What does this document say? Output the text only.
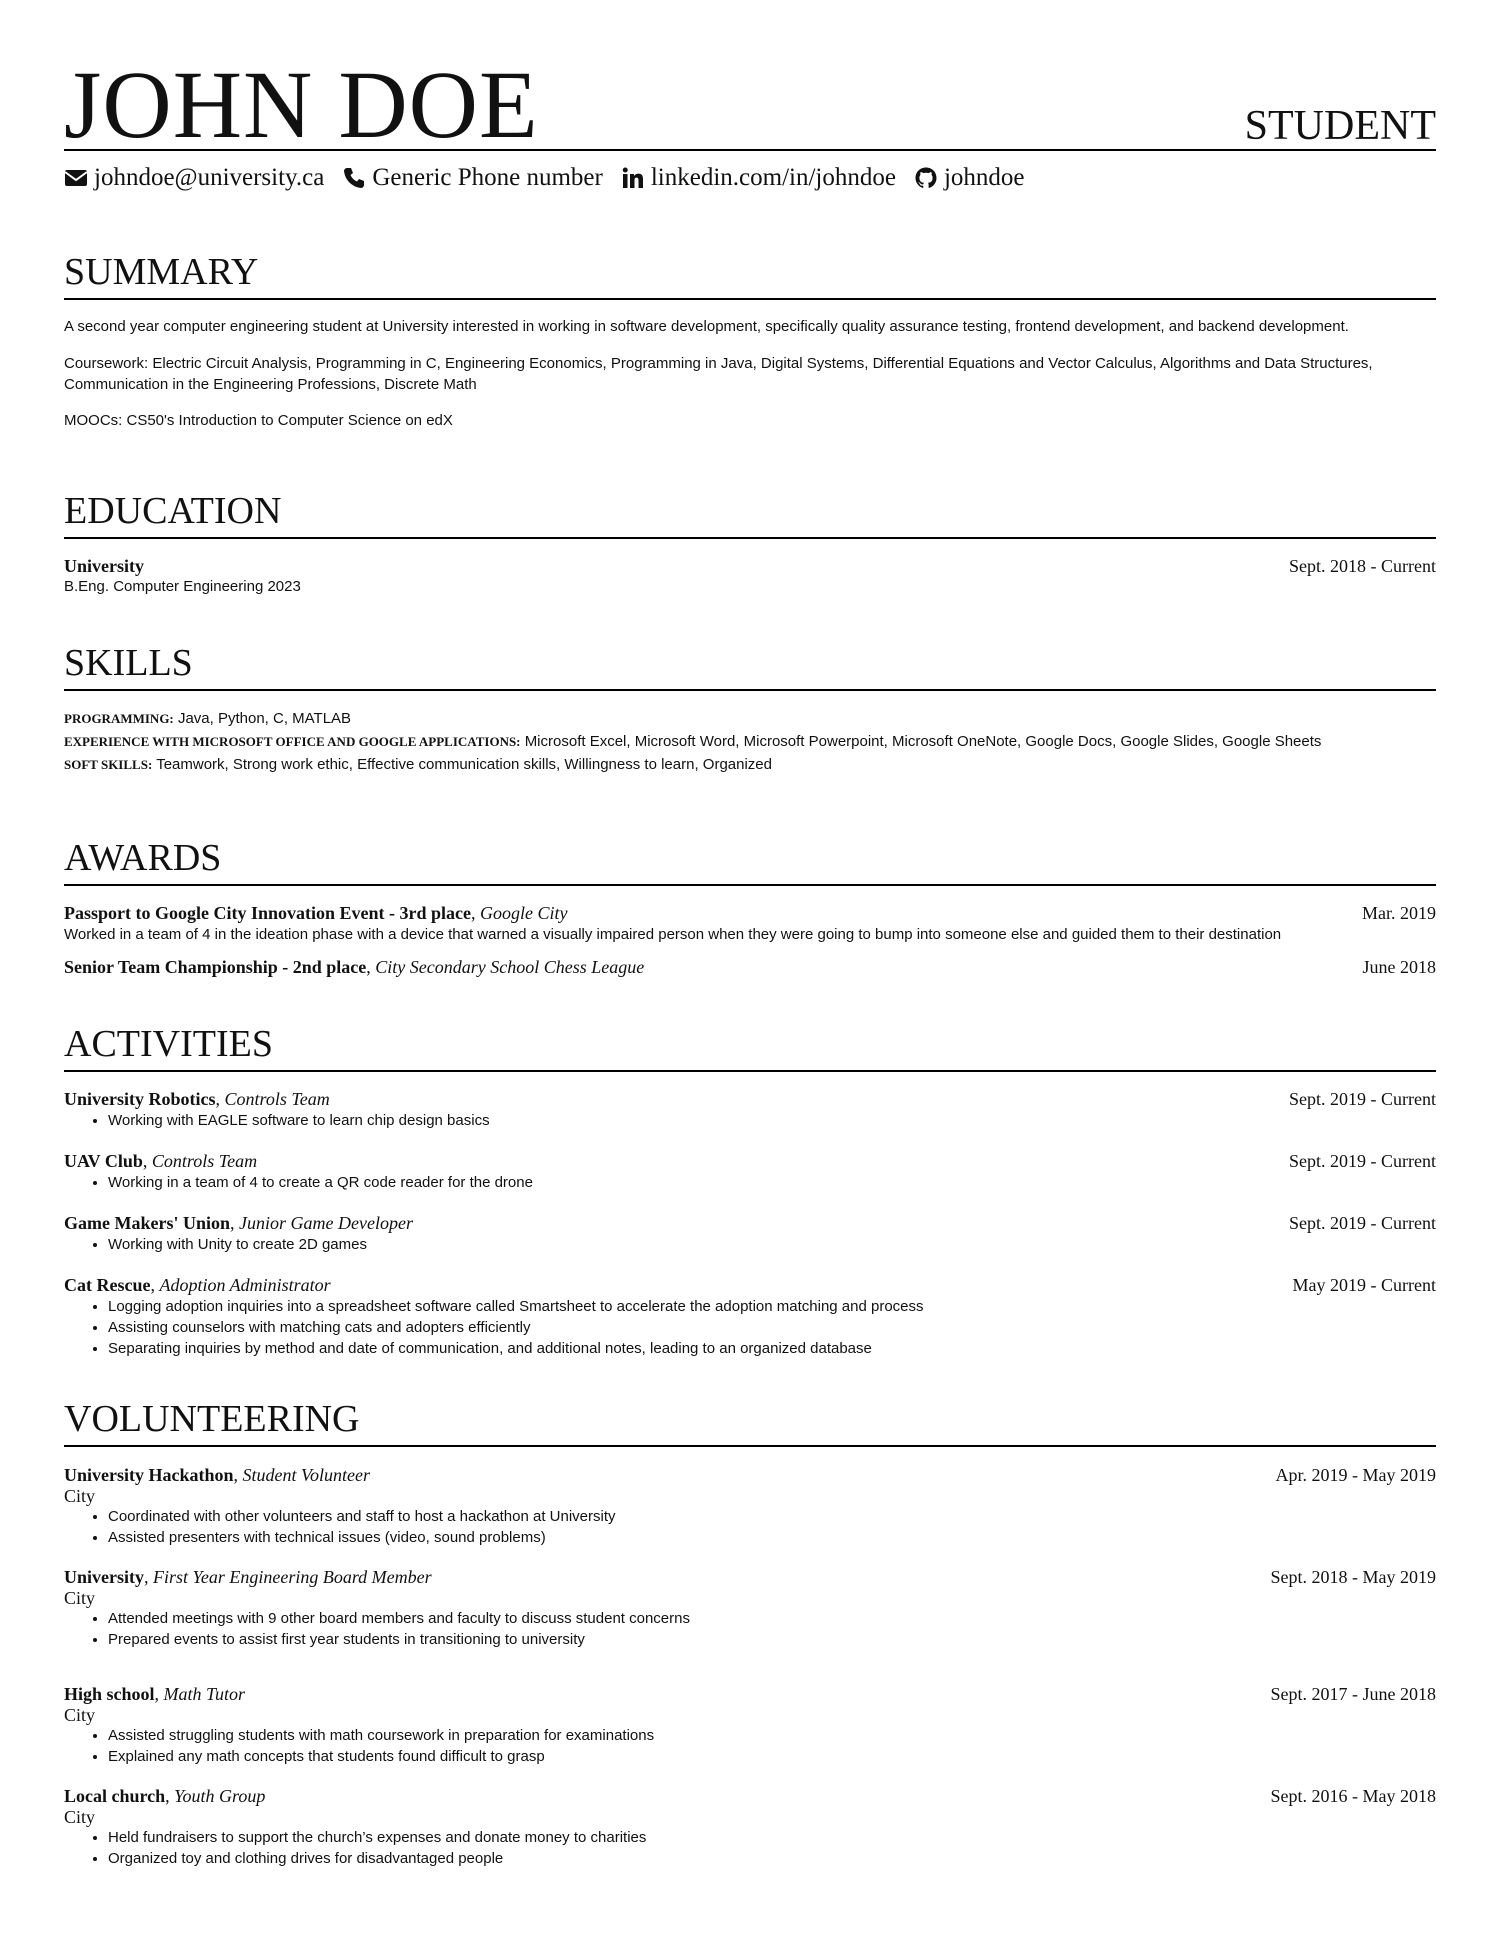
JOHN DOE	STUDENT
johndoe@university.ca Generic Phone number linkedin.com/in/johndoe johndoe
SUMMARY

A second year computer engineering student at University interested in working in software development, specifically quality assurance testing, frontend development, and backend development.

Coursework: Electric Circuit Analysis, Programming in C, Engineering Economics, Programming in Java, Digital Systems, Differential Equations and Vector Calculus, Algorithms and Data Structures, Communication in the Engineering Professions, Discrete Math

MOOCs: CS50's Introduction to Computer Science on edX

EDUCATION
University	Sept. 2018 - Current
B.Eng. Computer Engineering 2023
SKILLS
PROGRAMMING: Java, Python, C, MATLAB
EXPERIENCE WITH MICROSOFT OFFICE AND GOOGLE APPLICATIONS: Microsoft Excel, Microsoft Word, Microsoft Powerpoint, Microsoft OneNote, Google Docs, Google Slides, Google Sheets
SOFT SKILLS: Teamwork, Strong work ethic, Effective communication skills, Willingness to learn, Organized
AWARDS
Passport to Google City Innovation Event - 3rd place, Google City	Mar. 2019

Worked in a team of 4 in the ideation phase with a device that warned a visually impaired person when they were going to bump into someone else and guided them to their destination

Senior Team Championship - 2nd place, City Secondary School Chess League	June 2018
ACTIVITIES
University Robotics, Controls Team	Sept. 2019 - Current
• Working with EAGLE software to learn chip design basics
UAV Club, Controls Team	Sept. 2019 - Current
• Working in a team of 4 to create a QR code reader for the drone
Game Makers' Union, Junior Game Developer	Sept. 2019 - Current
• Working with Unity to create 2D games
Cat Rescue, Adoption Administrator	May 2019 - Current
• Logging adoption inquiries into a spreadsheet software called Smartsheet to accelerate the adoption matching and process
• Assisting counselors with matching cats and adopters efficiently
• Separating inquiries by method and date of communication, and additional notes, leading to an organized database
VOLUNTEERING
University Hackathon, Student Volunteer	Apr. 2019 - May 2019
City
• Coordinated with other volunteers and staff to host a hackathon at University
• Assisted presenters with technical issues (video, sound problems)
University, First Year Engineering Board Member	Sept. 2018 - May 2019
City
• Attended meetings with 9 other board members and faculty to discuss student concerns
• Prepared events to assist first year students in transitioning to university
High school, Math Tutor	Sept. 2017 - June 2018
City
• Assisted struggling students with math coursework in preparation for examinations
• Explained any math concepts that students found difficult to grasp
Local church, Youth Group	Sept. 2016 - May 2018
City
• Held fundraisers to support the church’s expenses and donate money to charities
• Organized toy and clothing drives for disadvantaged people
